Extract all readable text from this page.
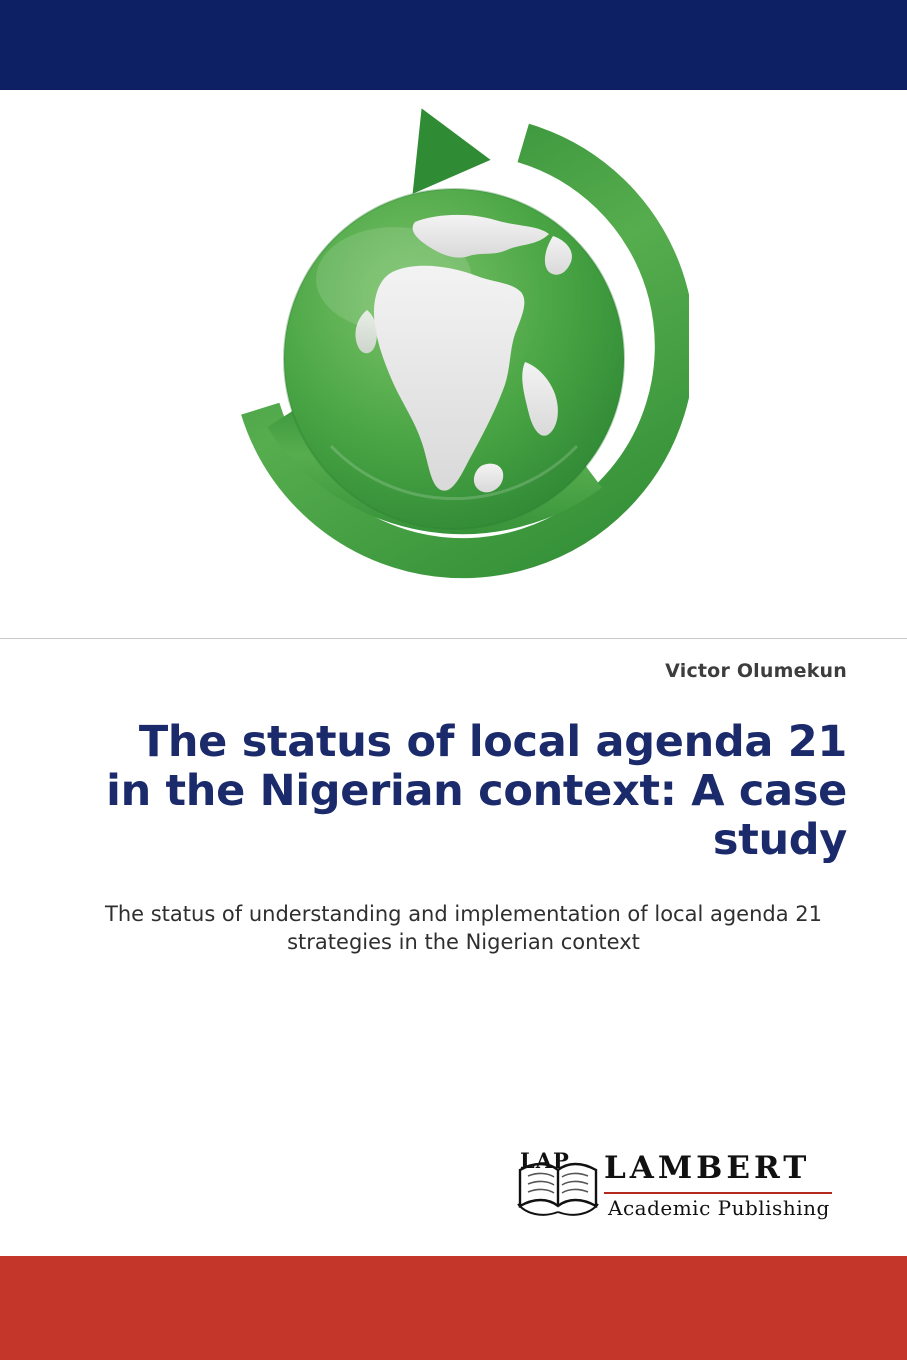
Victor Olumekun
The status of local agenda 21 in the Nigerian context: A case study
The status of understanding and implementation of local agenda 21 strategies in the Nigerian context
LAP LAMBERT
Academic Publishing
